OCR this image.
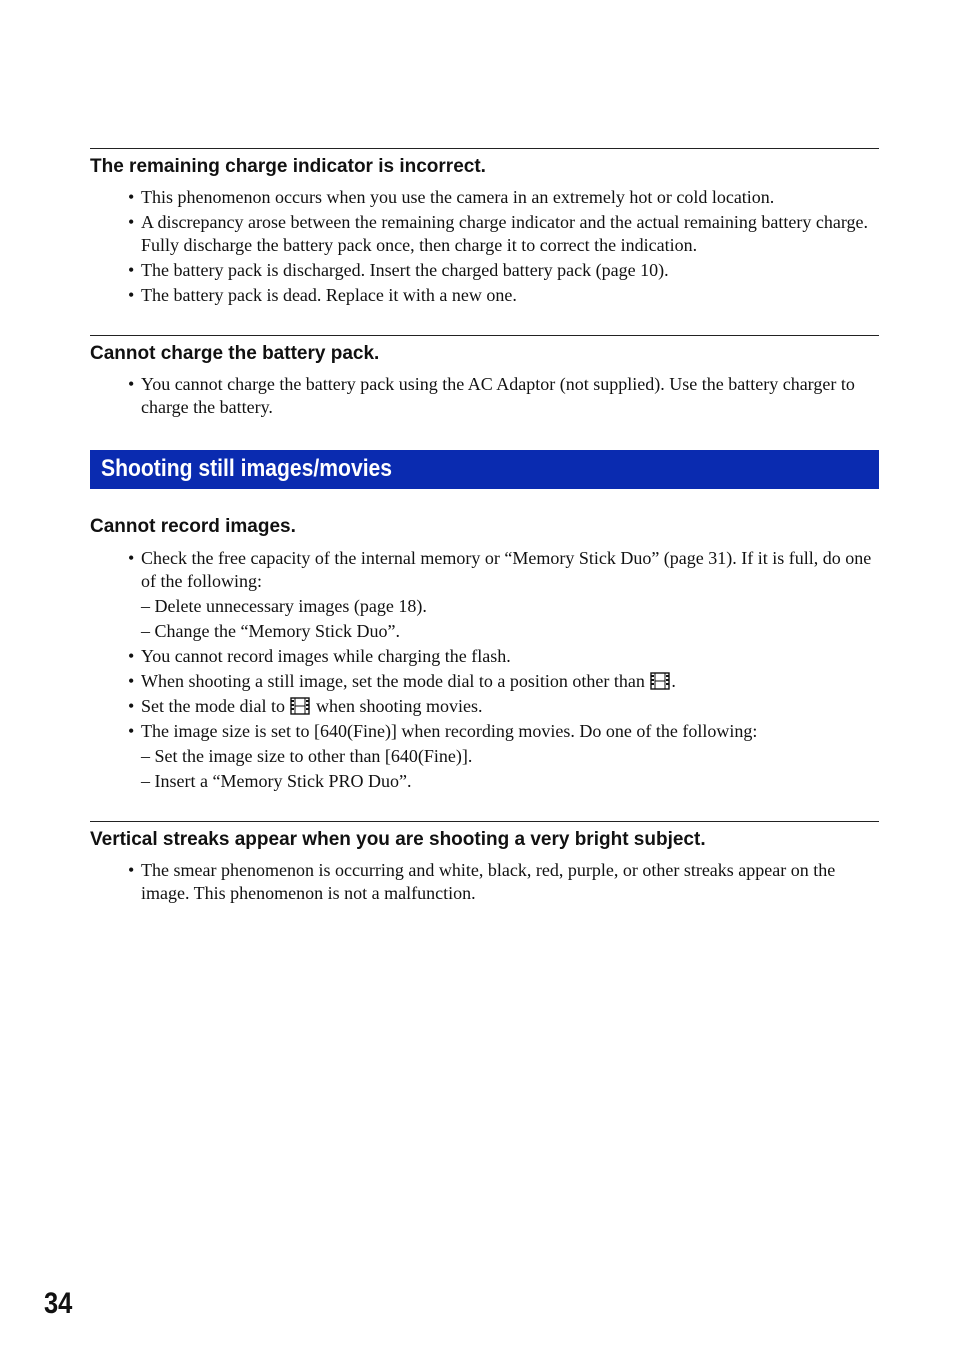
The remaining charge indicator is incorrect.
• This phenomenon occurs when you use the camera in an extremely hot or cold location.
• A discrepancy arose between the remaining charge indicator and the actual remaining battery charge. Fully discharge the battery pack once, then charge it to correct the indication.
• The battery pack is discharged. Insert the charged battery pack (page 10).
• The battery pack is dead. Replace it with a new one.
Cannot charge the battery pack.
• You cannot charge the battery pack using the AC Adaptor (not supplied). Use the battery charger to charge the battery.
Shooting still images/movies
Cannot record images.
• Check the free capacity of the internal memory or “Memory Stick Duo” (page 31). If it is full, do one of the following:
– Delete unnecessary images (page 18).
– Change the “Memory Stick Duo”.
• You cannot record images while charging the flash.
• When shooting a still image, set the mode dial to a position other than .
• Set the mode dial to  when shooting movies.
• The image size is set to [640(Fine)] when recording movies. Do one of the following:
– Set the image size to other than [640(Fine)].
– Insert a “Memory Stick PRO Duo”.
Vertical streaks appear when you are shooting a very bright subject.
• The smear phenomenon is occurring and white, black, red, purple, or other streaks appear on the image. This phenomenon is not a malfunction.
34
